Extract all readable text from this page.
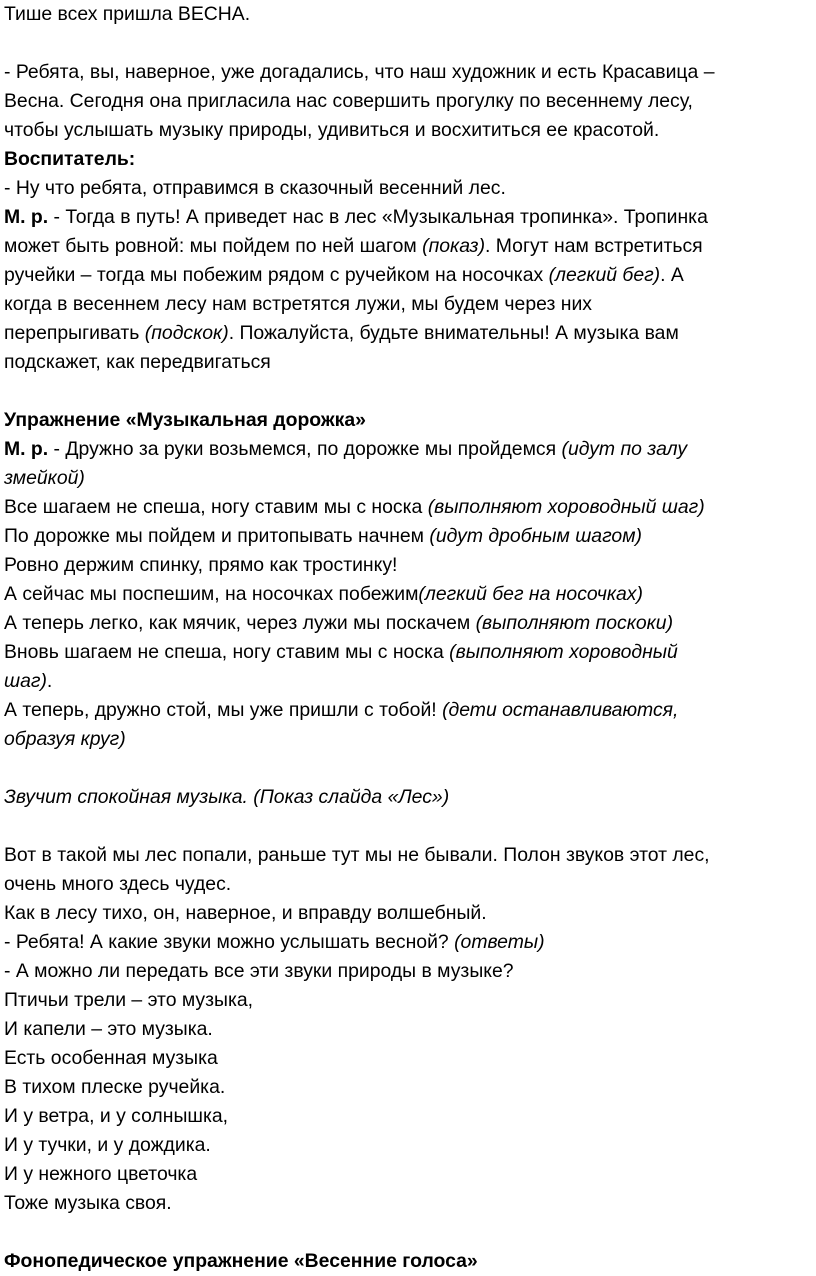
Тише всех пришла ВЕСНА.
- Ребята, вы, наверное, уже догадались, что наш художник и есть Красавица –
Весна. Сегодня она пригласила нас совершить прогулку по весеннему лесу,
чтобы услышать музыку природы, удивиться и восхититься ее красотой.
Воспитатель:
- Ну что ребята, отправимся в сказочный весенний лес.
М. р. - Тогда в путь! А приведет нас в лес «Музыкальная тропинка». Тропинка
может быть ровной: мы пойдем по ней шагом (показ). Могут нам встретиться
ручейки – тогда мы побежим рядом с ручейком на носочках (легкий бег). А
когда в весеннем лесу нам встретятся лужи, мы будем через них
перепрыгивать (подскок). Пожалуйста, будьте внимательны! А музыка вам
подскажет, как передвигаться
Упражнение «Музыкальная дорожка»
М. р. - Дружно за руки возьмемся, по дорожке мы пройдемся (идут по залу
змейкой)
Все шагаем не спеша, ногу ставим мы с носка (выполняют хороводный шаг)
По дорожке мы пойдем и притопывать начнем (идут дробным шагом)
Ровно держим спинку, прямо как тростинку!
А сейчас мы поспешим, на носочках побежим(легкий бег на носочках)
А теперь легко, как мячик, через лужи мы поскачем (выполняют поскоки)
Вновь шагаем не спеша, ногу ставим мы с носка (выполняют хороводный
шаг).
А теперь, дружно стой, мы уже пришли с тобой! (дети останавливаются,
образуя круг)
Звучит спокойная музыка. (Показ слайда «Лес»)
Вот в такой мы лес попали, раньше тут мы не бывали. Полон звуков этот лес,
очень много здесь чудес.
Как в лесу тихо, он, наверное, и вправду волшебный.
- Ребята! А какие звуки можно услышать весной? (ответы)
- А можно ли передать все эти звуки природы в музыке?
Птичьи трели – это музыка,
И капели – это музыка.
Есть особенная музыка
В тихом плеске ручейка.
И у ветра, и у солнышка,
И у тучки, и у дождика.
И у нежного цветочка
Тоже музыка своя.
Фонопедическое упражнение «Весенние голоса»
